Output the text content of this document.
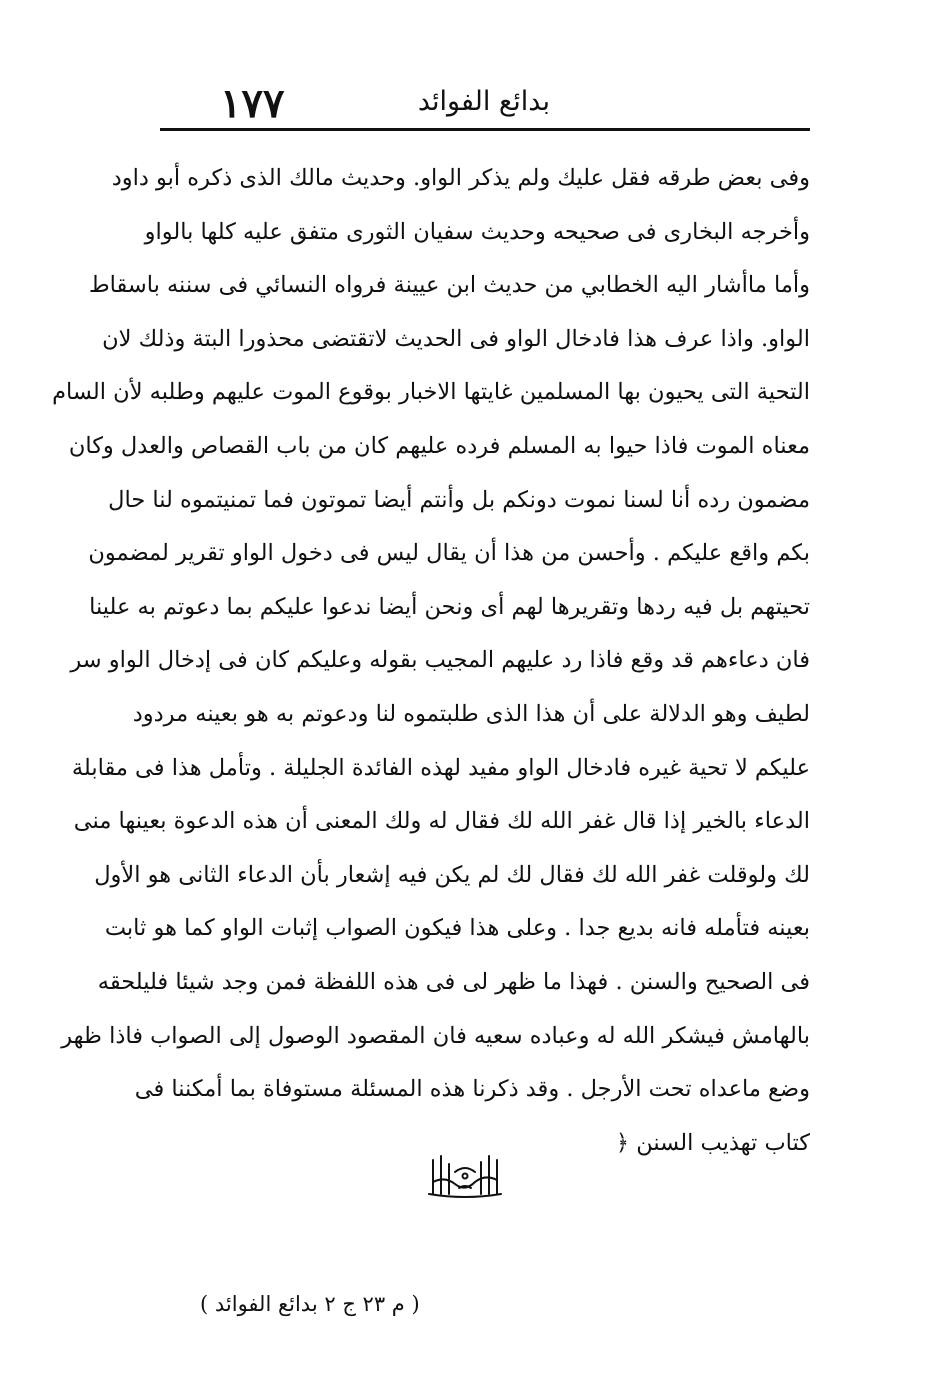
١٧٧	بدائع الفوائد
وفى بعض طرقه فقل عليك ولم يذكر الواو. وحديث مالك الذى ذكره أبو داود
وأخرجه البخارى فى صحيحه وحديث سفيان الثورى متفق عليه كلها بالواو
وأما ماأشار اليه الخطابي من حديث ابن عيينة فرواه النسائي فى سننه باسقاط
الواو. واذا عرف هذا فادخال الواو فى الحديث لاتقتضى محذورا البتة وذلك لان
التحية التى يحيون بها المسلمين غايتها الاخبار بوقوع الموت عليهم وطلبه لأن السام
معناه الموت فاذا حيوا به المسلم فرده عليهم كان من باب القصاص والعدل وكان
مضمون رده أنا لسنا نموت دونكم بل وأنتم أيضا تموتون فما تمنيتموه لنا حال
بكم واقع عليكم . وأحسن من هذا أن يقال ليس فى دخول الواو تقرير لمضمون
تحيتهم بل فيه ردها وتقريرها لهم أى ونحن أيضا ندعوا عليكم بما دعوتم به علينا
فان دعاءهم قد وقع فاذا رد عليهم المجيب بقوله وعليكم كان فى إدخال الواو سر
لطيف وهو الدلالة على أن هذا الذى طلبتموه لنا ودعوتم به هو بعينه مردود
عليكم لا تحية غيره فادخال الواو مفيد لهذه الفائدة الجليلة . وتأمل هذا فى مقابلة
الدعاء بالخير إذا قال غفر الله لك فقال له ولك المعنى أن هذه الدعوة بعينها منى
لك ولوقلت غفر الله لك فقال لك لم يكن فيه إشعار بأن الدعاء الثانى هو الأول
بعينه فتأمله فانه بديع جدا . وعلى هذا فيكون الصواب إثبات الواو كما هو ثابت
فى الصحيح والسنن . فهذا ما ظهر لى فى هذه اللفظة فمن وجد شيئا فليلحقه
بالهامش فيشكر الله له وعباده سعيه فان المقصود الوصول إلى الصواب فاذا ظهر
وضع ماعداه تحت الأرجل . وقد ذكرنا هذه المسئلة مستوفاة بما أمكننا فى
كتاب تهذيب السنن ﴿
( م ٢٣ ج ٢ بدائع الفوائد )
